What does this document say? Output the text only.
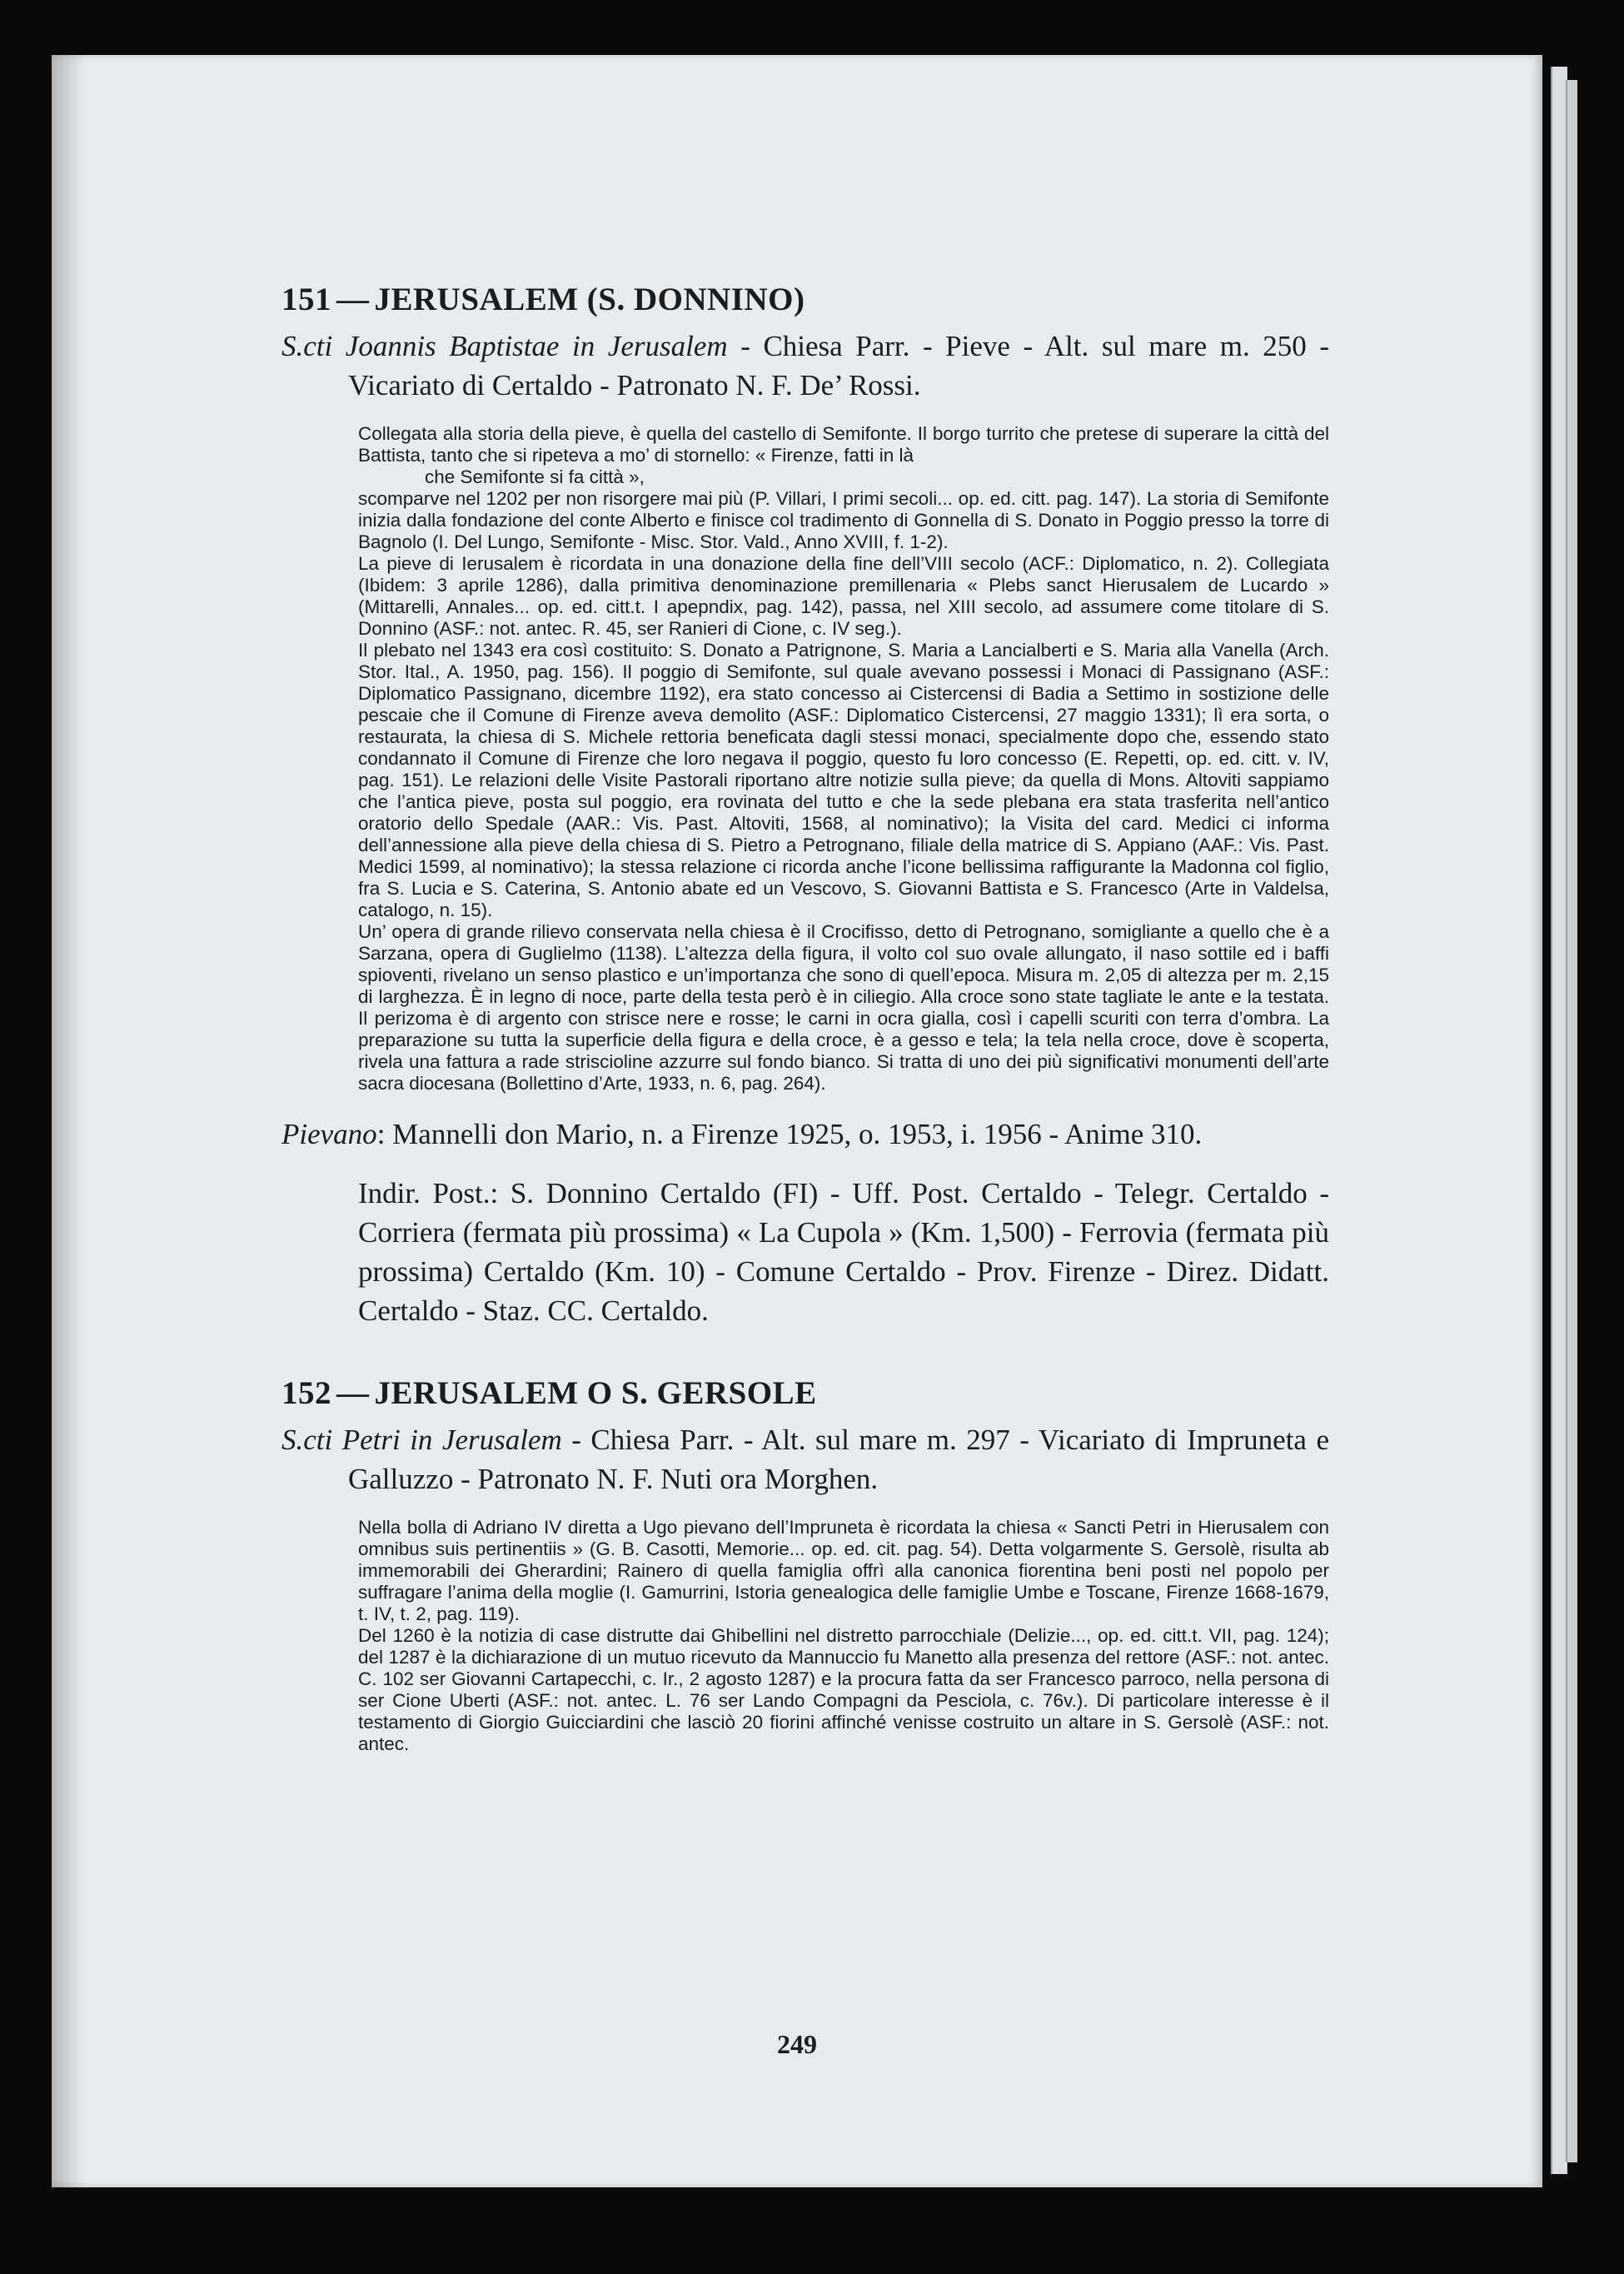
151 — JERUSALEM (S. DONNINO)

S.cti Joannis Baptistae in Jerusalem - Chiesa Parr. - Pieve - Alt. sul mare m. 250 - Vicariato di Certaldo - Patronato N. F. De’ Rossi.

Collegata alla storia della pieve, è quella del castello di Semifonte. Il borgo turrito che pretese di superare la città del Battista, tanto che si ripeteva a mo’ di stornello: « Firenze, fatti in là

che Semifonte si fa città »,

scomparve nel 1202 per non risorgere mai più (P. Villari, I primi secoli... op. ed. citt. pag. 147). La storia di Semifonte inizia dalla fondazione del conte Alberto e finisce col tradimento di Gonnella di S. Donato in Poggio presso la torre di Bagnolo (I. Del Lungo, Semifonte - Misc. Stor. Vald., Anno XVIII, f. 1-2).

La pieve di Ierusalem è ricordata in una donazione della fine dell’VIII secolo (ACF.: Diplomatico, n. 2). Collegiata (Ibidem: 3 aprile 1286), dalla primitiva denominazione premillenaria « Plebs sanct Hierusalem de Lucardo » (Mittarelli, Annales... op. ed. citt.t. I apepndix, pag. 142), passa, nel XIII secolo, ad assumere come titolare di S. Donnino (ASF.: not. antec. R. 45, ser Ranieri di Cione, c. IV seg.).

Il plebato nel 1343 era così costituito: S. Donato a Patrignone, S. Maria a Lancialberti e S. Maria alla Vanella (Arch. Stor. Ital., A. 1950, pag. 156). Il poggio di Semifonte, sul quale avevano possessi i Monaci di Passignano (ASF.: Diplomatico Passignano, dicembre 1192), era stato concesso ai Cistercensi di Badia a Settimo in sostizione delle pescaie che il Comune di Firenze aveva demolito (ASF.: Diplomatico Cistercensi, 27 maggio 1331); lì era sorta, o restaurata, la chiesa di S. Michele rettoria beneficata dagli stessi monaci, specialmente dopo che, essendo stato condannato il Comune di Firenze che loro negava il poggio, questo fu loro concesso (E. Repetti, op. ed. citt. v. IV, pag. 151). Le relazioni delle Visite Pastorali riportano altre notizie sulla pieve; da quella di Mons. Altoviti sappiamo che l’antica pieve, posta sul poggio, era rovinata del tutto e che la sede plebana era stata trasferita nell’antico oratorio dello Spedale (AAR.: Vis. Past. Altoviti, 1568, al nominativo); la Visita del card. Medici ci informa dell’annessione alla pieve della chiesa di S. Pietro a Petrognano, filiale della matrice di S. Appiano (AAF.: Vis. Past. Medici 1599, al nominativo); la stessa relazione ci ricorda anche l’icone bellissima raffigurante la Madonna col figlio, fra S. Lucia e S. Caterina, S. Antonio abate ed un Vescovo, S. Giovanni Battista e S. Francesco (Arte in Valdelsa, catalogo, n. 15).

Un’ opera di grande rilievo conservata nella chiesa è il Crocifisso, detto di Petrognano, somigliante a quello che è a Sarzana, opera di Guglielmo (1138). L’altezza della figura, il volto col suo ovale allungato, il naso sottile ed i baffi spioventi, rivelano un senso plastico e un’importanza che sono di quell’epoca. Misura m. 2,05 di altezza per m. 2,15 di larghezza. È in legno di noce, parte della testa però è in ciliegio. Alla croce sono state tagliate le ante e la testata. Il perizoma è di argento con strisce nere e rosse; le carni in ocra gialla, così i capelli scuriti con terra d’ombra. La preparazione su tutta la superficie della figura e della croce, è a gesso e tela; la tela nella croce, dove è scoperta, rivela una fattura a rade striscioline azzurre sul fondo bianco. Si tratta di uno dei più significativi monumenti dell’arte sacra diocesana (Bollettino d’Arte, 1933, n. 6, pag. 264).

Pievano: Mannelli don Mario, n. a Firenze 1925, o. 1953, i. 1956 - Anime 310.

Indir. Post.: S. Donnino Certaldo (FI) - Uff. Post. Certaldo - Telegr. Certaldo - Corriera (fermata più prossima) « La Cupola » (Km. 1,500) - Ferrovia (fermata più prossima) Certaldo (Km. 10) - Comune Certaldo - Prov. Firenze - Direz. Didatt. Certaldo - Staz. CC. Certaldo.

152 — JERUSALEM O S. GERSOLE

S.cti Petri in Jerusalem - Chiesa Parr. - Alt. sul mare m. 297 - Vicariato di Impruneta e Galluzzo - Patronato N. F. Nuti ora Morghen.

Nella bolla di Adriano IV diretta a Ugo pievano dell’Impruneta è ricordata la chiesa « Sancti Petri in Hierusalem con omnibus suis pertinentiis » (G. B. Casotti, Memorie... op. ed. cit. pag. 54). Detta volgarmente S. Gersolè, risulta ab immemorabili dei Gherardini; Rainero di quella famiglia offrì alla canonica fiorentina beni posti nel popolo per suffragare l’anima della moglie (I. Gamurrini, Istoria genealogica delle famiglie Umbe e Toscane, Firenze 1668-1679, t. IV, t. 2, pag. 119).

Del 1260 è la notizia di case distrutte dai Ghibellini nel distretto parrocchiale (Delizie..., op. ed. citt.t. VII, pag. 124); del 1287 è la dichiarazione di un mutuo ricevuto da Mannuccio fu Manetto alla presenza del rettore (ASF.: not. antec. C. 102 ser Giovanni Cartapecchi, c. Ir., 2 agosto 1287) e la procura fatta da ser Francesco parroco, nella persona di ser Cione Uberti (ASF.: not. antec. L. 76 ser Lando Compagni da Pesciola, c. 76v.). Di particolare interesse è il testamento di Giorgio Guicciardini che lasciò 20 fiorini affinché venisse costruito un altare in S. Gersolè (ASF.: not. antec.

249
